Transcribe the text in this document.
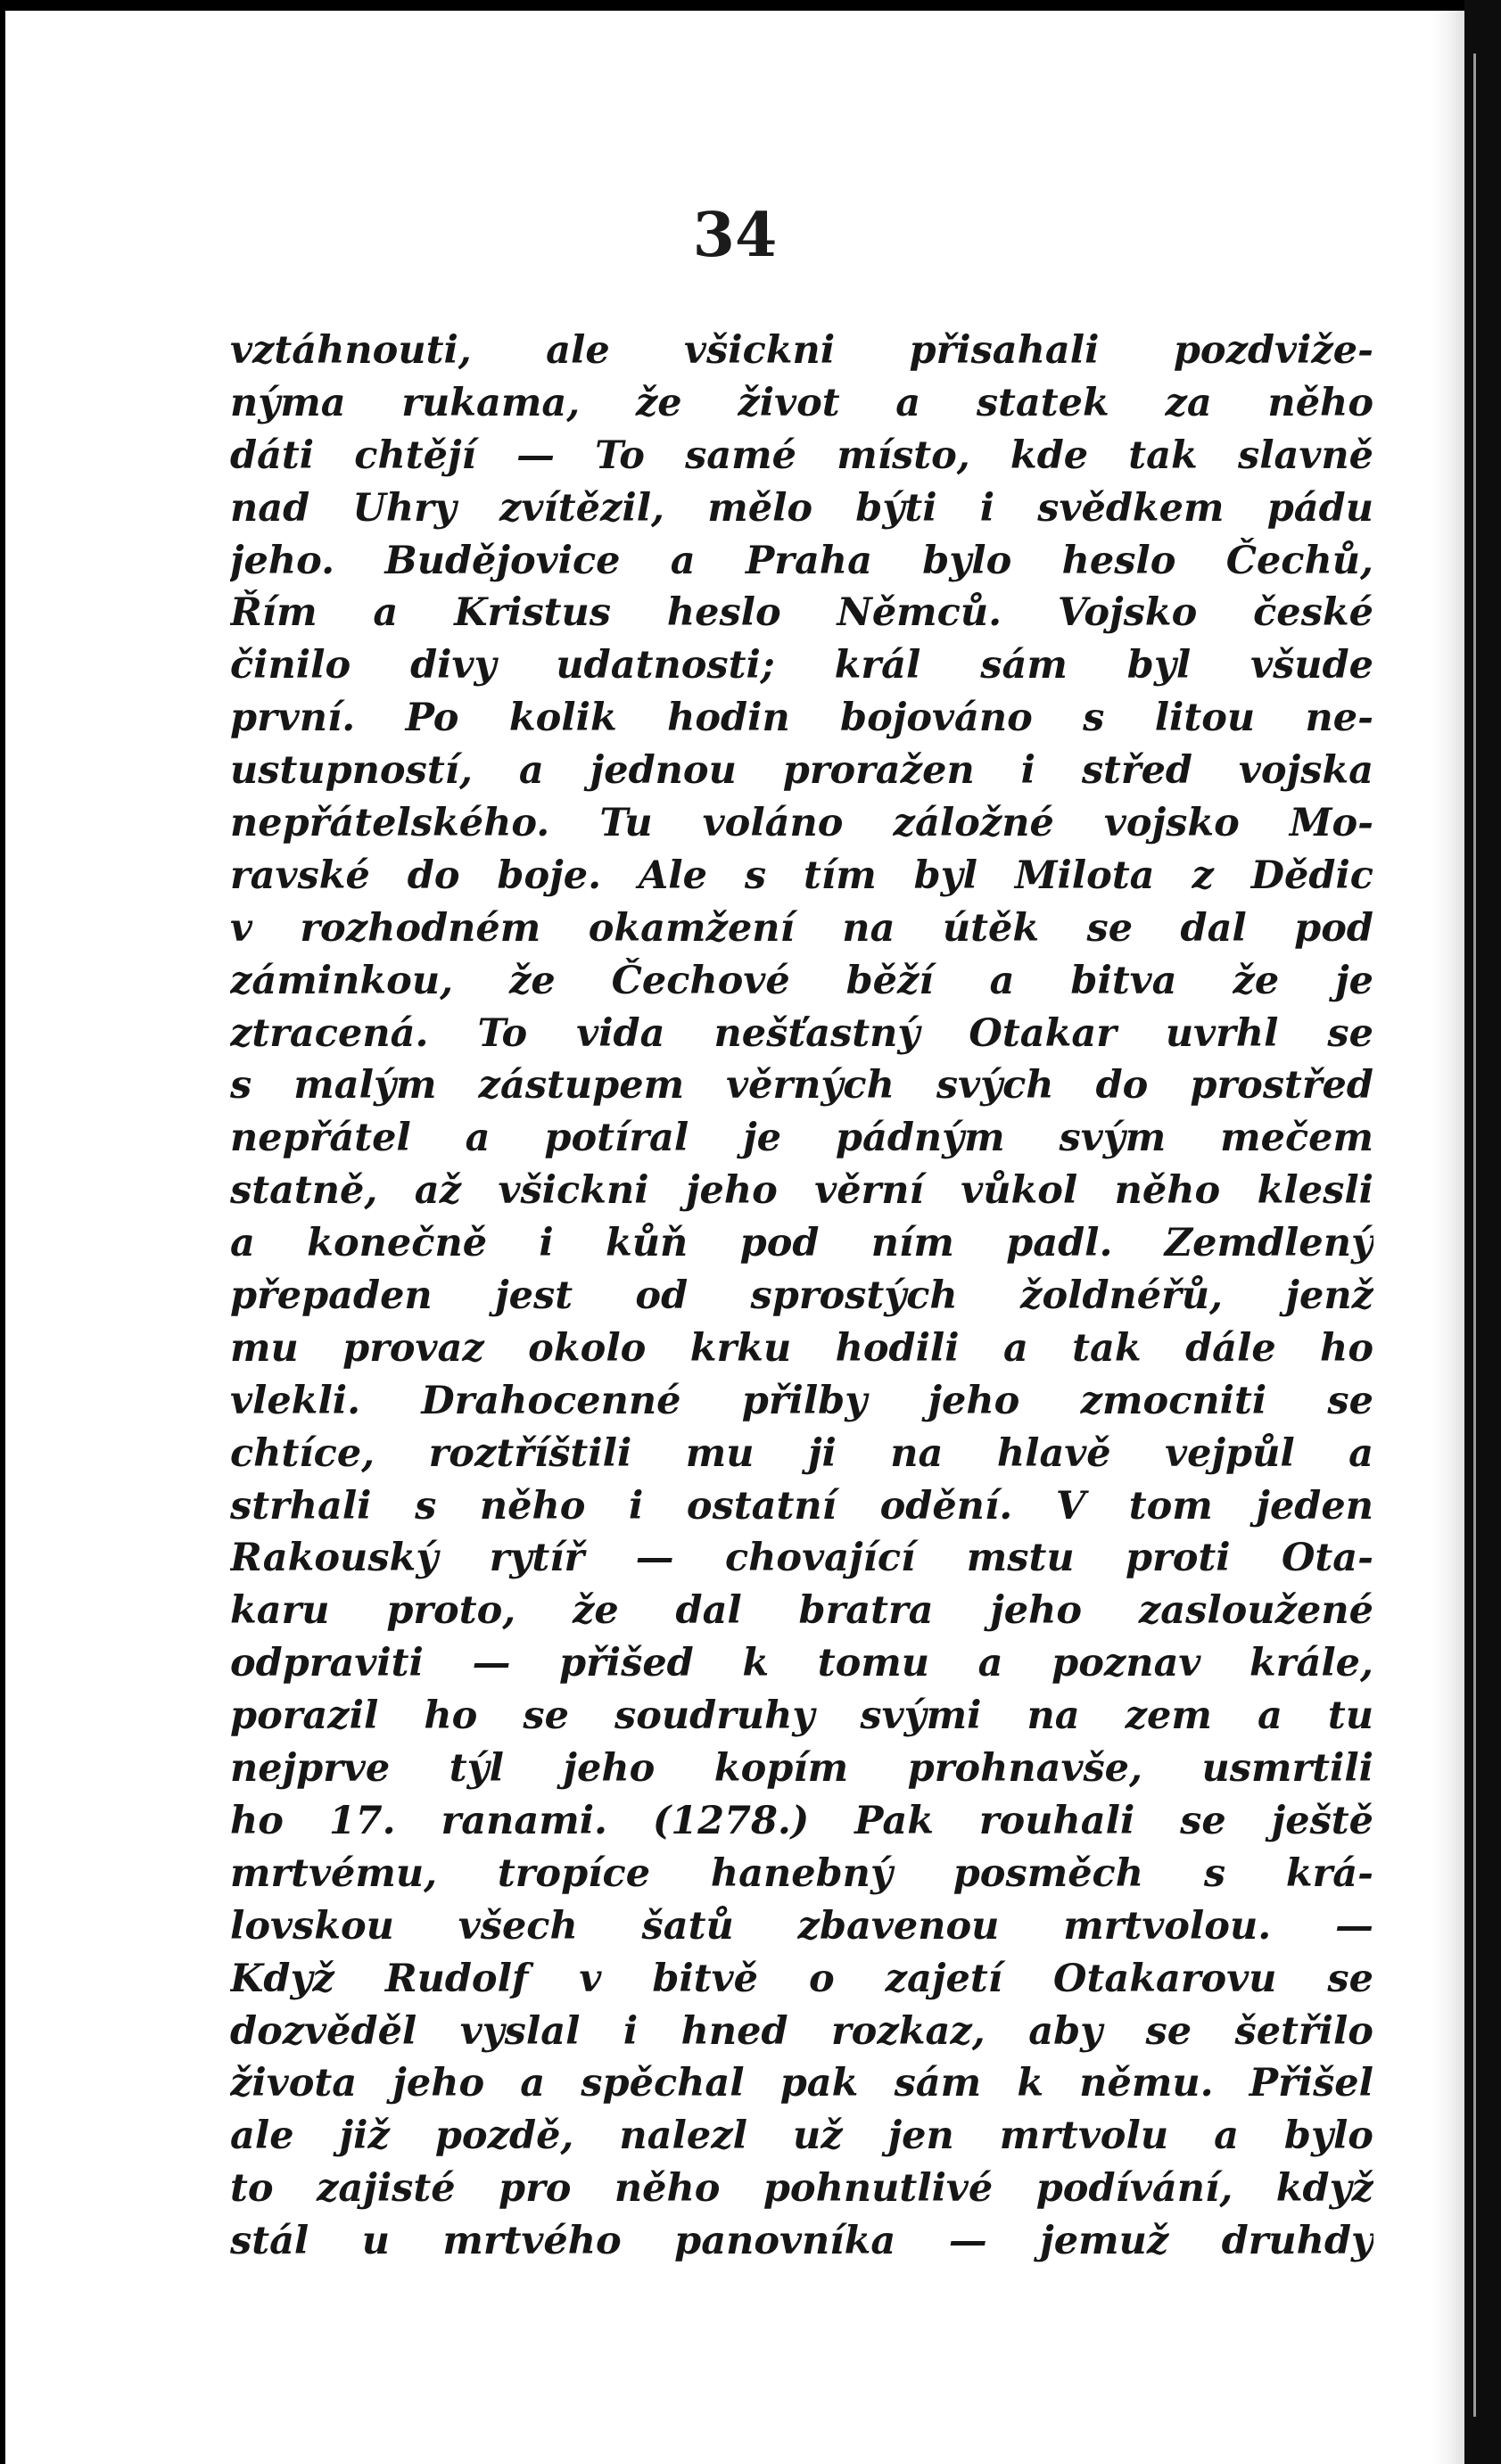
34
vztáhnouti, ale všickni přisahali pozdviže-
nýma rukama, že život a statek za něho
dáti chtějí — To samé místo, kde tak slavně
nad Uhry zvítězil, mělo býti i svědkem pádu
jeho. Budějovice a Praha bylo heslo Čechů,
Řím a Kristus heslo Němců. Vojsko české
činilo divy udatnosti; král sám byl všude
první. Po kolik hodin bojováno s litou ne-
ustupností, a jednou proražen i střed vojska
nepřátelského. Tu voláno záložné vojsko Mo-
ravské do boje. Ale s tím byl Milota z Dědic
v rozhodném okamžení na útěk se dal pod
záminkou, že Čechové běží a bitva že je
ztracená. To vida nešťastný Otakar uvrhl se
s malým zástupem věrných svých do prostřed
nepřátel a potíral je pádným svým mečem
statně, až všickni jeho věrní vůkol něho klesli
a konečně i kůň pod ním padl. Zemdlený
přepaden jest od sprostých žoldnéřů, jenž
mu provaz okolo krku hodili a tak dále ho
vlekli. Drahocenné přilby jeho zmocniti se
chtíce, roztříštili mu ji na hlavě vejpůl a
strhali s něho i ostatní odění. V tom jeden
Rakouský rytíř — chovající mstu proti Ota-
karu proto, že dal bratra jeho zasloužené
odpraviti — přišed k tomu a poznav krále,
porazil ho se soudruhy svými na zem a tu
nejprve týl jeho kopím prohnavše, usmrtili
ho 17. ranami. (1278.) Pak rouhali se ještě
mrtvému, tropíce hanebný posměch s krá-
lovskou všech šatů zbavenou mrtvolou. —
Když Rudolf v bitvě o zajetí Otakarovu se
dozvěděl vyslal i hned rozkaz, aby se šetřilo
života jeho a spěchal pak sám k němu. Přišel
ale již pozdě, nalezl už jen mrtvolu a bylo
to zajisté pro něho pohnutlivé podívání, když
stál u mrtvého panovníka — jemuž druhdy
